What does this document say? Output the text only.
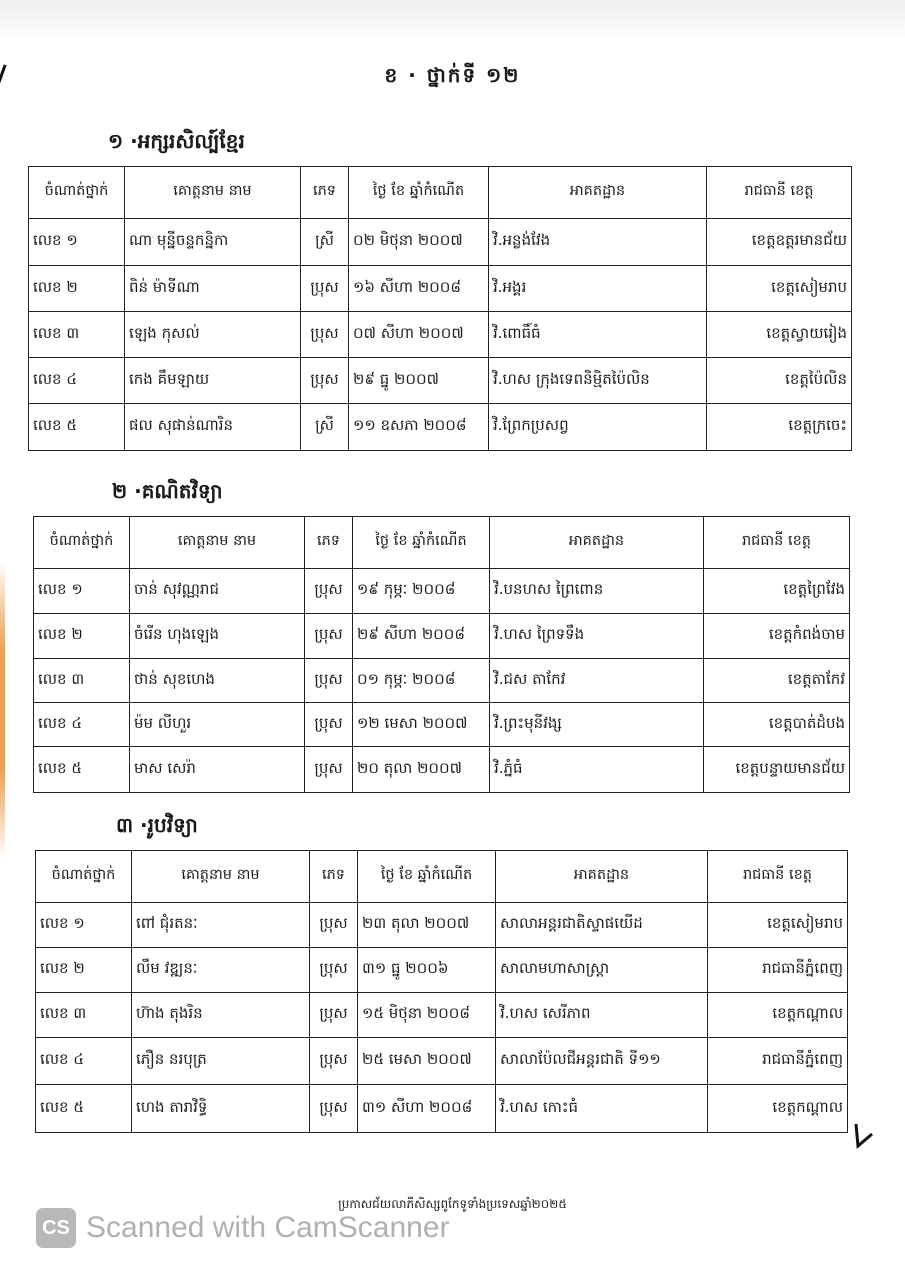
ខ · ថ្នាក់ទី ១២
១ ·អក្សរសិល្ប៍ខ្មែរ
ចំណាត់ថ្នាក់	គោត្តនាម នាម	ភេទ	ថ្ងៃ ខែ ឆ្នាំកំណើត	អាគតដ្ឋាន	រាជធានី ខេត្ត
លេខ ១	ណា មុន្នីចន្ទកន្និកា	ស្រី	០២ មិថុនា ២០០៧	វិ.អន្លង់វែង	ខេត្តឧត្តរមានជ័យ
លេខ ២	ពិន់ ម៉ាទីណា	ប្រុស	១៦ សីហា ២០០៨	វិ.អង្គរ	ខេត្តសៀមរាប
លេខ ៣	ឡេង កុសល់	ប្រុស	០៧ សីហា ២០០៧	វិ.ពោធិ៍ធំ	ខេត្តស្វាយរៀង
លេខ ៤	កេង គឹមឡាយ	ប្រុស	២៩ ធ្នូ ២០០៧	វិ.ហស ក្រុងទេពនិម្មិតប៉ៃលិន	ខេត្តប៉ៃលិន
លេខ ៥	ផល សុផាន់ណារិន	ស្រី	១១ ឧសភា ២០០៨	វិ.ព្រែកប្រសព្វ	ខេត្តក្រចេះ
២ ·គណិតវិទ្យា
ចំណាត់ថ្នាក់	គោត្តនាម នាម	ភេទ	ថ្ងៃ ខែ ឆ្នាំកំណើត	អាគតដ្ឋាន	រាជធានី ខេត្ត
លេខ ១	ចាន់ សុវណ្ណរាជ	ប្រុស	១៩ កុម្ភៈ ២០០៨	វិ.បនហស ព្រៃពោន	ខេត្តព្រៃវែង
លេខ ២	ចំរើន ហុងឡេង	ប្រុស	២៩ សីហា ២០០៨	វិ.ហស ព្រៃទទឹង	ខេត្តកំពង់ចាម
លេខ ៣	ថាន់ សុខហេង	ប្រុស	០១ កុម្ភៈ ២០០៨	វិ.ជស តាកែវ	ខេត្តតាកែវ
លេខ ៤	ម៉ម លីហួរ	ប្រុស	១២ មេសា ២០០៧	វិ.ព្រះមុនីវង្ស	ខេត្តបាត់ដំបង
លេខ ៥	មាស សេរ៉ា	ប្រុស	២០ តុលា ២០០៧	វិ.ភ្នំធំ	ខេត្តបន្ទាយមានជ័យ
៣ ·រូបវិទ្យា
ចំណាត់ថ្នាក់	គោត្តនាម នាម	ភេទ	ថ្ងៃ ខែ ឆ្នាំកំណើត	អាគតដ្ឋាន	រាជធានី ខេត្ត
លេខ ១	ពៅ ជុំរតនៈ	ប្រុស	២៣ តុលា ២០០៧	សាលាអន្តរជាតិស្ទាផយើដ	ខេត្តសៀមរាប
លេខ ២	លឹម វឌ្ឍនៈ	ប្រុស	៣១ ធ្នូ ២០០៦	សាលាមហាសាស្ត្រា	រាជធានីភ្នំពេញ
លេខ ៣	ហ៊ាង តុងរិន	ប្រុស	១៥ មិថុនា ២០០៨	វិ.ហស សេរីភាព	ខេត្តកណ្ដាល
លេខ ៤	ភឿន នរបុត្រ	ប្រុស	២៥ មេសា ២០០៧	សាលាប៉ែលជីអន្តរជាតិ ទី១១	រាជធានីភ្នំពេញ
លេខ ៥	ហេង តារាវិទ្ធិ	ប្រុស	៣១ សីហា ២០០៨	វិ.ហស កោះធំ	ខេត្តកណ្ដាល
ប្រកាសជ័យលាភីសិស្សពូកែទូទាំងប្រទេសឆ្នាំ២០២៥
CS Scanned with CamScanner
